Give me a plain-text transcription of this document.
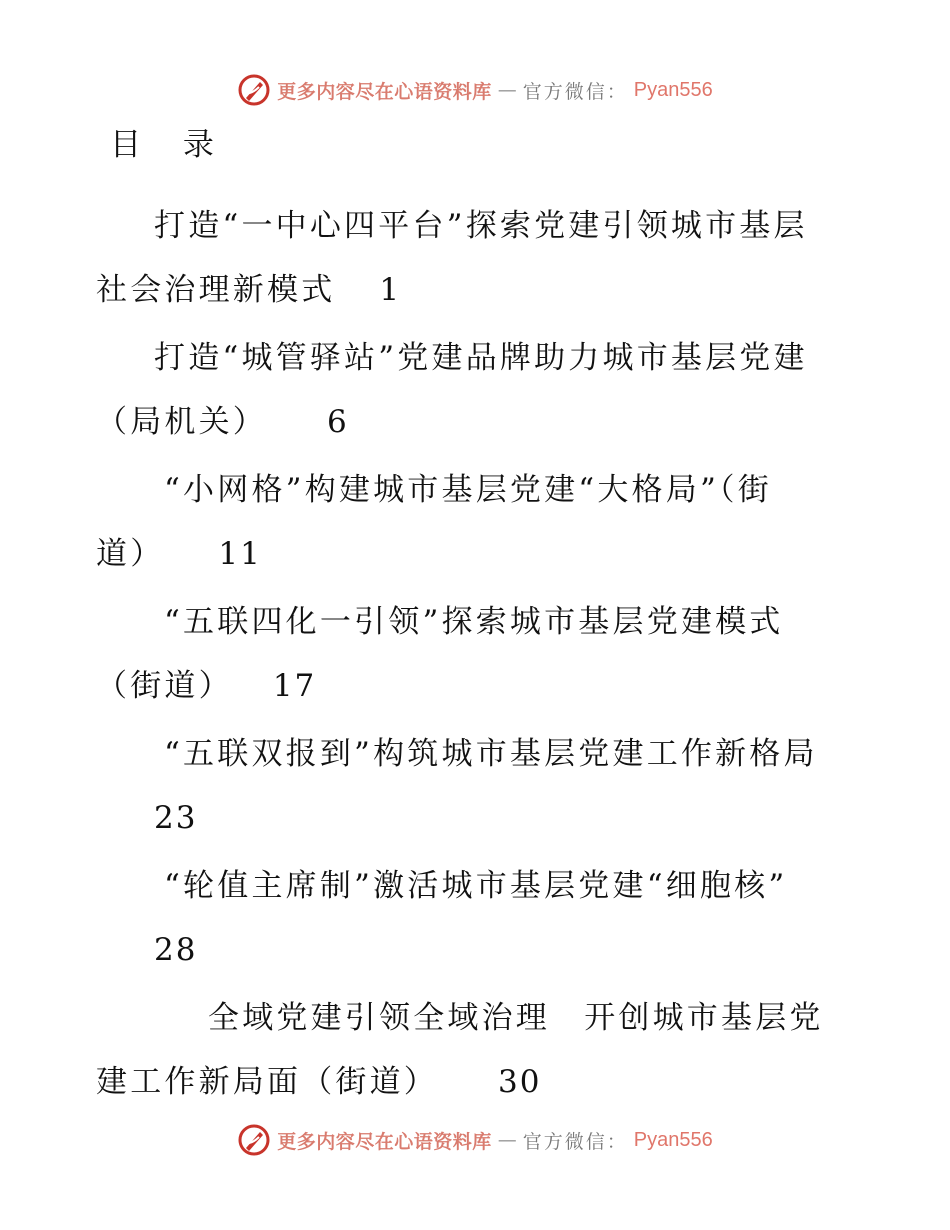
更多内容尽在心语资料库 — 官方微信： Pyan556
目 录
打造“一中心四平台”探索党建引领城市基层
社会治理新模式 1
打造“城管驿站”党建品牌助力城市基层党建
（局机关） 6
“小网格”构建城市基层党建“大格局”（街
道） 11
“五联四化一引领”探索城市基层党建模式
（街道） 17
“五联双报到”构筑城市基层党建工作新格局
23
“轮值主席制”激活城市基层党建“细胞核”
28
全域党建引领全域治理　开创城市基层党
建工作新局面（街道） 30
更多内容尽在心语资料库 — 官方微信： Pyan556
